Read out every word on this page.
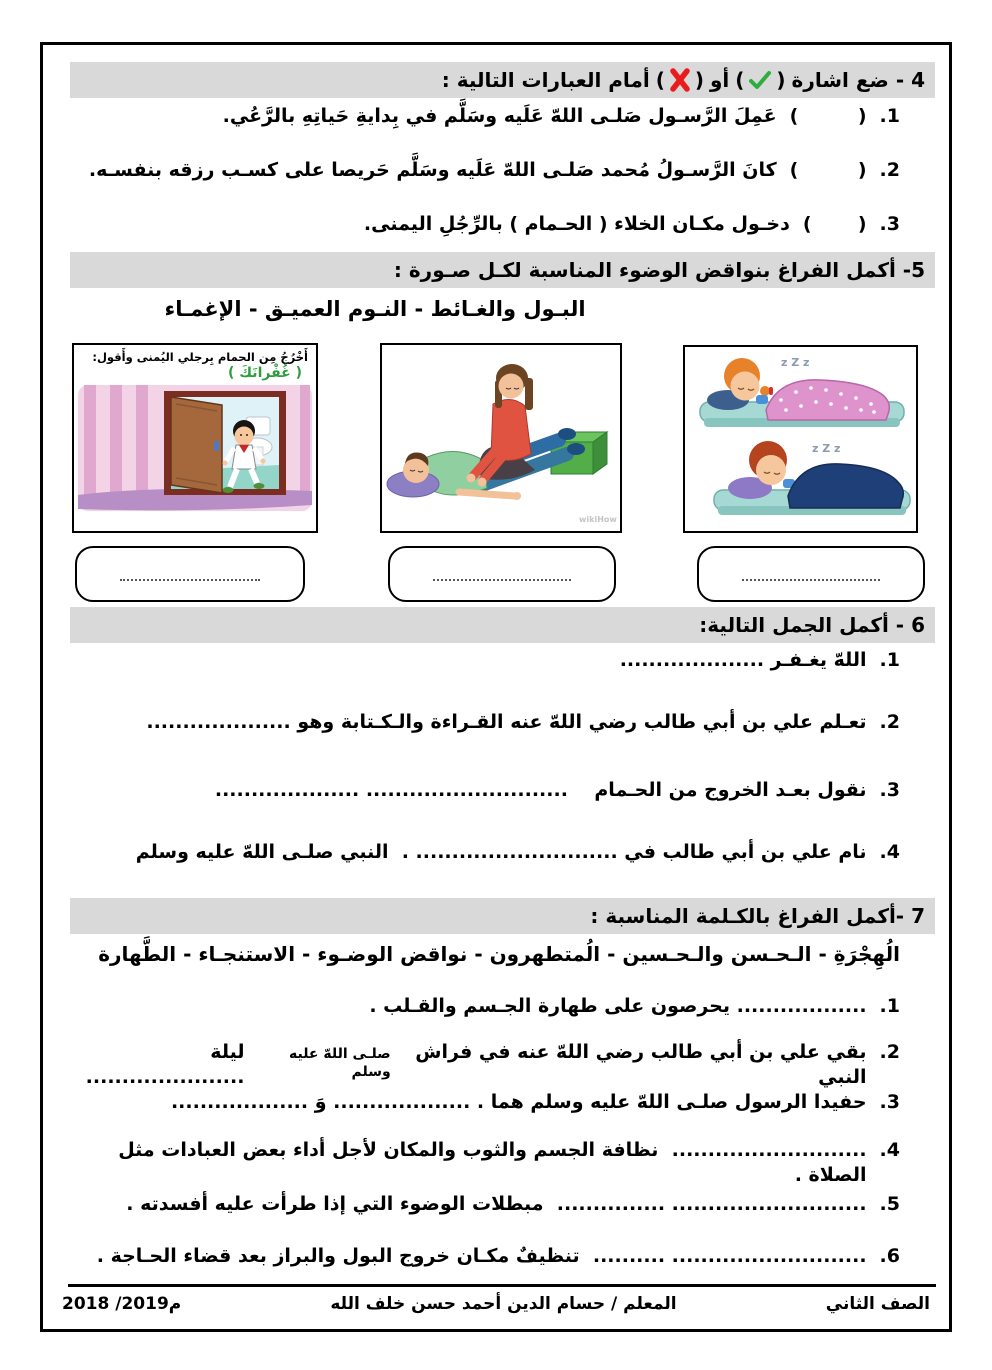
4 - ضع اشارة
(
)
أو
(
)
أمام العبارات التالية :
1.
(         )
عَمِلَ الرَّسـول صَلـى اللهّ عَلَيه وسَلَّم في بِدايةِ حَياتِهِ بالرَّعُي.
2.
(         )
كانَ الرَّسـولُ مُحمد صَلـى اللهّ عَلَيه وسَلَّم حَريصا على كسـب رزقه بنفسـه.
3.
(       )
دخـول مكـان الخلاء ( الحـمام ) بالرِّجُلِ اليمنى.
5- أكمل الفراغ بنواقض الوضوء المناسبة لكـل صـورة :
البـول والغـائط - النـوم العميـق - الإغمـاء
أَخْرُجُ مِن الحمام بِرجلي اليُمنى وأَقول:
( غُفْرانَكَ )
wikiHow
z Z z
z Z z
6 - أكمل الجمل التالية:
1.
اللهّ يغـفـر ....................
2.
تعـلم علي بن أبي طالب رضي اللهّ عنه القـراءة والـكـتابة وهو ....................
3.
نقول بعـد الخروج من الحـمام    ............................ ....................
4.
نام علي بن أبي طالب في ............................ .  النبي صلـى اللهّ عليه وسلم
7 -أكمل الفراغ بالكـلمة المناسبة :
الُهِجْرَةِ - الـحـسن والـحـسين - الُمتطهرون - نواقض الوضـوء - الاستنجـاء - الطَّهارة
1.
.................. يحرصون على طهارة الجـسم والقـلب .
2.
بقي علي بن أبي طالب رضي اللهّ عنه في فراش النبي
صلـى اللهّ عليه وسلم
ليلة ......................
3.
حفيدا الرسول صلـى اللهّ عليه وسلم هما . ................... وَ ...................
4.
...........................  نظافة الجسم والثوب والمكان لأجل أداء بعض العبادات مثل الصلاة .
5.
........................... ...............  مبطلات الوضوء التي إذا طرأت عليه أفسدته .
6.
........................... ..........  تنظيفٌ مكـان خروج البول والبراز بعد قضاء الحـاجة .
الصف الثاني
المعلم / حسام الدين أحمد حسن خلف الله
م2019/ 2018
